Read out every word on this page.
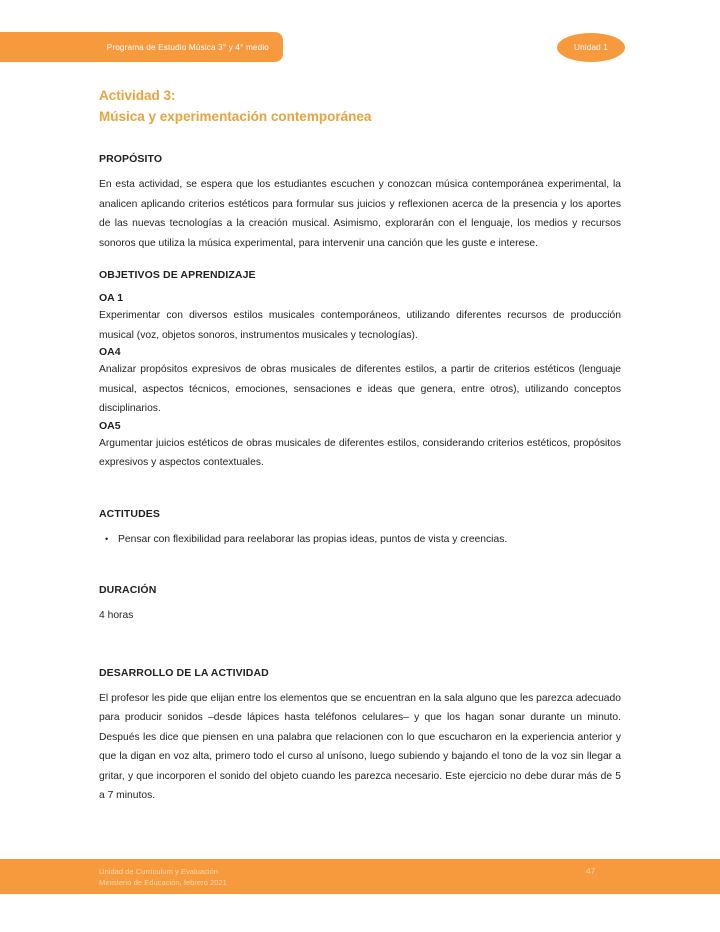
Programa de Estudio Música 3° y 4° medio	Unidad 1
Actividad 3:
Música y experimentación contemporánea
PROPÓSITO

En esta actividad, se espera que los estudiantes escuchen y conozcan música contemporánea experimental, la analicen aplicando criterios estéticos para formular sus juicios y reflexionen acerca de la presencia y los aportes de las nuevas tecnologías a la creación musical. Asimismo, explorarán con el lenguaje, los medios y recursos sonoros que utiliza la música experimental, para intervenir una canción que les guste e interese.

OBJETIVOS DE APRENDIZAJE
OA 1

Experimentar con diversos estilos musicales contemporáneos, utilizando diferentes recursos de producción musical (voz, objetos sonoros, instrumentos musicales y tecnologías).

OA4

Analizar propósitos expresivos de obras musicales de diferentes estilos, a partir de criterios estéticos (lenguaje musical, aspectos técnicos, emociones, sensaciones e ideas que genera, entre otros), utilizando conceptos disciplinarios.

OA5

Argumentar juicios estéticos de obras musicales de diferentes estilos, considerando criterios estéticos, propósitos expresivos y aspectos contextuales.

ACTITUDES
• Pensar con flexibilidad para reelaborar las propias ideas, puntos de vista y creencias.
DURACIÓN

4 horas

DESARROLLO DE LA ACTIVIDAD

El profesor les pide que elijan entre los elementos que se encuentran en la sala alguno que les parezca adecuado para producir sonidos –desde lápices hasta teléfonos celulares– y que los hagan sonar durante un minuto. Después les dice que piensen en una palabra que relacionen con lo que escucharon en la experiencia anterior y que la digan en voz alta, primero todo el curso al unísono, luego subiendo y bajando el tono de la voz sin llegar a gritar, y que incorporen el sonido del objeto cuando les parezca necesario. Este ejercicio no debe durar más de 5 a 7 minutos.

Unidad de Currículum y Evaluación
Ministerio de Educación, febrero 2021
47
